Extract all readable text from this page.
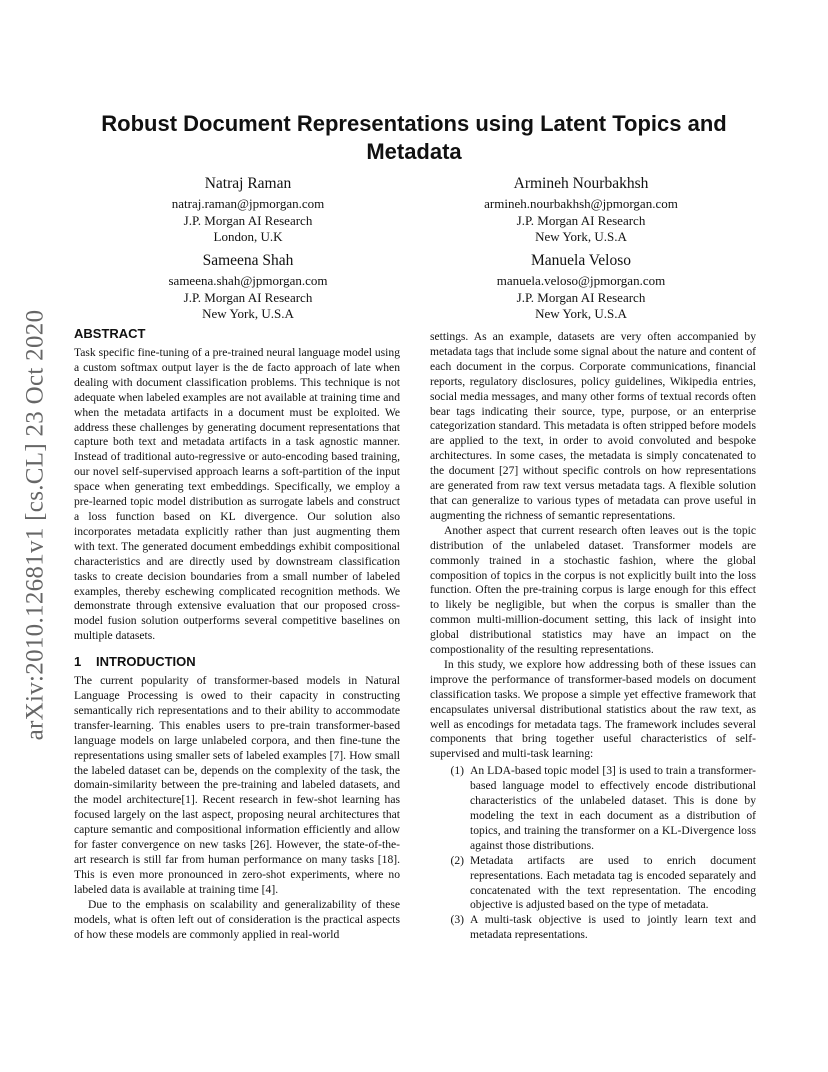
arXiv:2010.12681v1 [cs.CL] 23 Oct 2020
Robust Document Representations using Latent Topics and Metadata
Natraj Raman
natraj.raman@jpmorgan.com
J.P. Morgan AI Research
London, U.K
Armineh Nourbakhsh
armineh.nourbakhsh@jpmorgan.com
J.P. Morgan AI Research
New York, U.S.A
Sameena Shah
sameena.shah@jpmorgan.com
J.P. Morgan AI Research
New York, U.S.A
Manuela Veloso
manuela.veloso@jpmorgan.com
J.P. Morgan AI Research
New York, U.S.A
ABSTRACT

Task specific fine-tuning of a pre-trained neural language model using a custom softmax output layer is the de facto approach of late when dealing with document classification problems. This technique is not adequate when labeled examples are not available at training time and when the metadata artifacts in a document must be exploited. We address these challenges by generating document representations that capture both text and metadata artifacts in a task agnostic manner. Instead of traditional auto-regressive or auto-encoding based training, our novel self-supervised approach learns a soft-partition of the input space when generating text embeddings. Specifically, we employ a pre-learned topic model distribution as surrogate labels and construct a loss function based on KL divergence. Our solution also incorporates metadata explicitly rather than just augmenting them with text. The generated document embeddings exhibit compositional characteristics and are directly used by downstream classification tasks to create decision boundaries from a small number of labeled examples, thereby eschewing complicated recognition methods. We demonstrate through extensive evaluation that our proposed cross-model fusion solution outperforms several competitive baselines on multiple datasets.

1 INTRODUCTION

The current popularity of transformer-based models in Natural Language Processing is owed to their capacity in constructing semantically rich representations and to their ability to accommodate transfer-learning. This enables users to pre-train transformer-based language models on large unlabeled corpora, and then fine-tune the representations using smaller sets of labeled examples [7]. How small the labeled dataset can be, depends on the complexity of the task, the domain-similarity between the pre-training and labeled datasets, and the model architecture[1]. Recent research in few-shot learning has focused largely on the last aspect, proposing neural architectures that capture semantic and compositional information efficiently and allow for faster convergence on new tasks [26]. However, the state-of-the-art research is still far from human performance on many tasks [18]. This is even more pronounced in zero-shot experiments, where no labeled data is available at training time [4].

Due to the emphasis on scalability and generalizability of these models, what is often left out of consideration is the practical aspects of how these models are commonly applied in real-world

settings. As an example, datasets are very often accompanied by metadata tags that include some signal about the nature and content of each document in the corpus. Corporate communications, financial reports, regulatory disclosures, policy guidelines, Wikipedia entries, social media messages, and many other forms of textual records often bear tags indicating their source, type, purpose, or an enterprise categorization standard. This metadata is often stripped before models are applied to the text, in order to avoid convoluted and bespoke architectures. In some cases, the metadata is simply concatenated to the document [27] without specific controls on how representations are generated from raw text versus metadata tags. A flexible solution that can generalize to various types of metadata can prove useful in augmenting the richness of semantic representations.

Another aspect that current research often leaves out is the topic distribution of the unlabeled dataset. Transformer models are commonly trained in a stochastic fashion, where the global composition of topics in the corpus is not explicitly built into the loss function. Often the pre-training corpus is large enough for this effect to likely be negligible, but when the corpus is smaller than the common multi-million-document setting, this lack of insight into global distributional statistics may have an impact on the compostionality of the resulting representations.

In this study, we explore how addressing both of these issues can improve the performance of transformer-based models on document classification tasks. We propose a simple yet effective framework that encapsulates universal distributional statistics about the raw text, as well as encodings for metadata tags. The framework includes several components that bring together useful characteristics of self-supervised and multi-task learning:

(1) An LDA-based topic model [3] is used to train a transformer-based language model to effectively encode distributional characteristics of the unlabeled dataset. This is done by modeling the text in each document as a distribution of topics, and training the transformer on a KL-Divergence loss against those distributions.
(2) Metadata artifacts are used to enrich document representations. Each metadata tag is encoded separately and concatenated with the text representation. The encoding objective is adjusted based on the type of metadata.
(3) A multi-task objective is used to jointly learn text and metadata representations.
